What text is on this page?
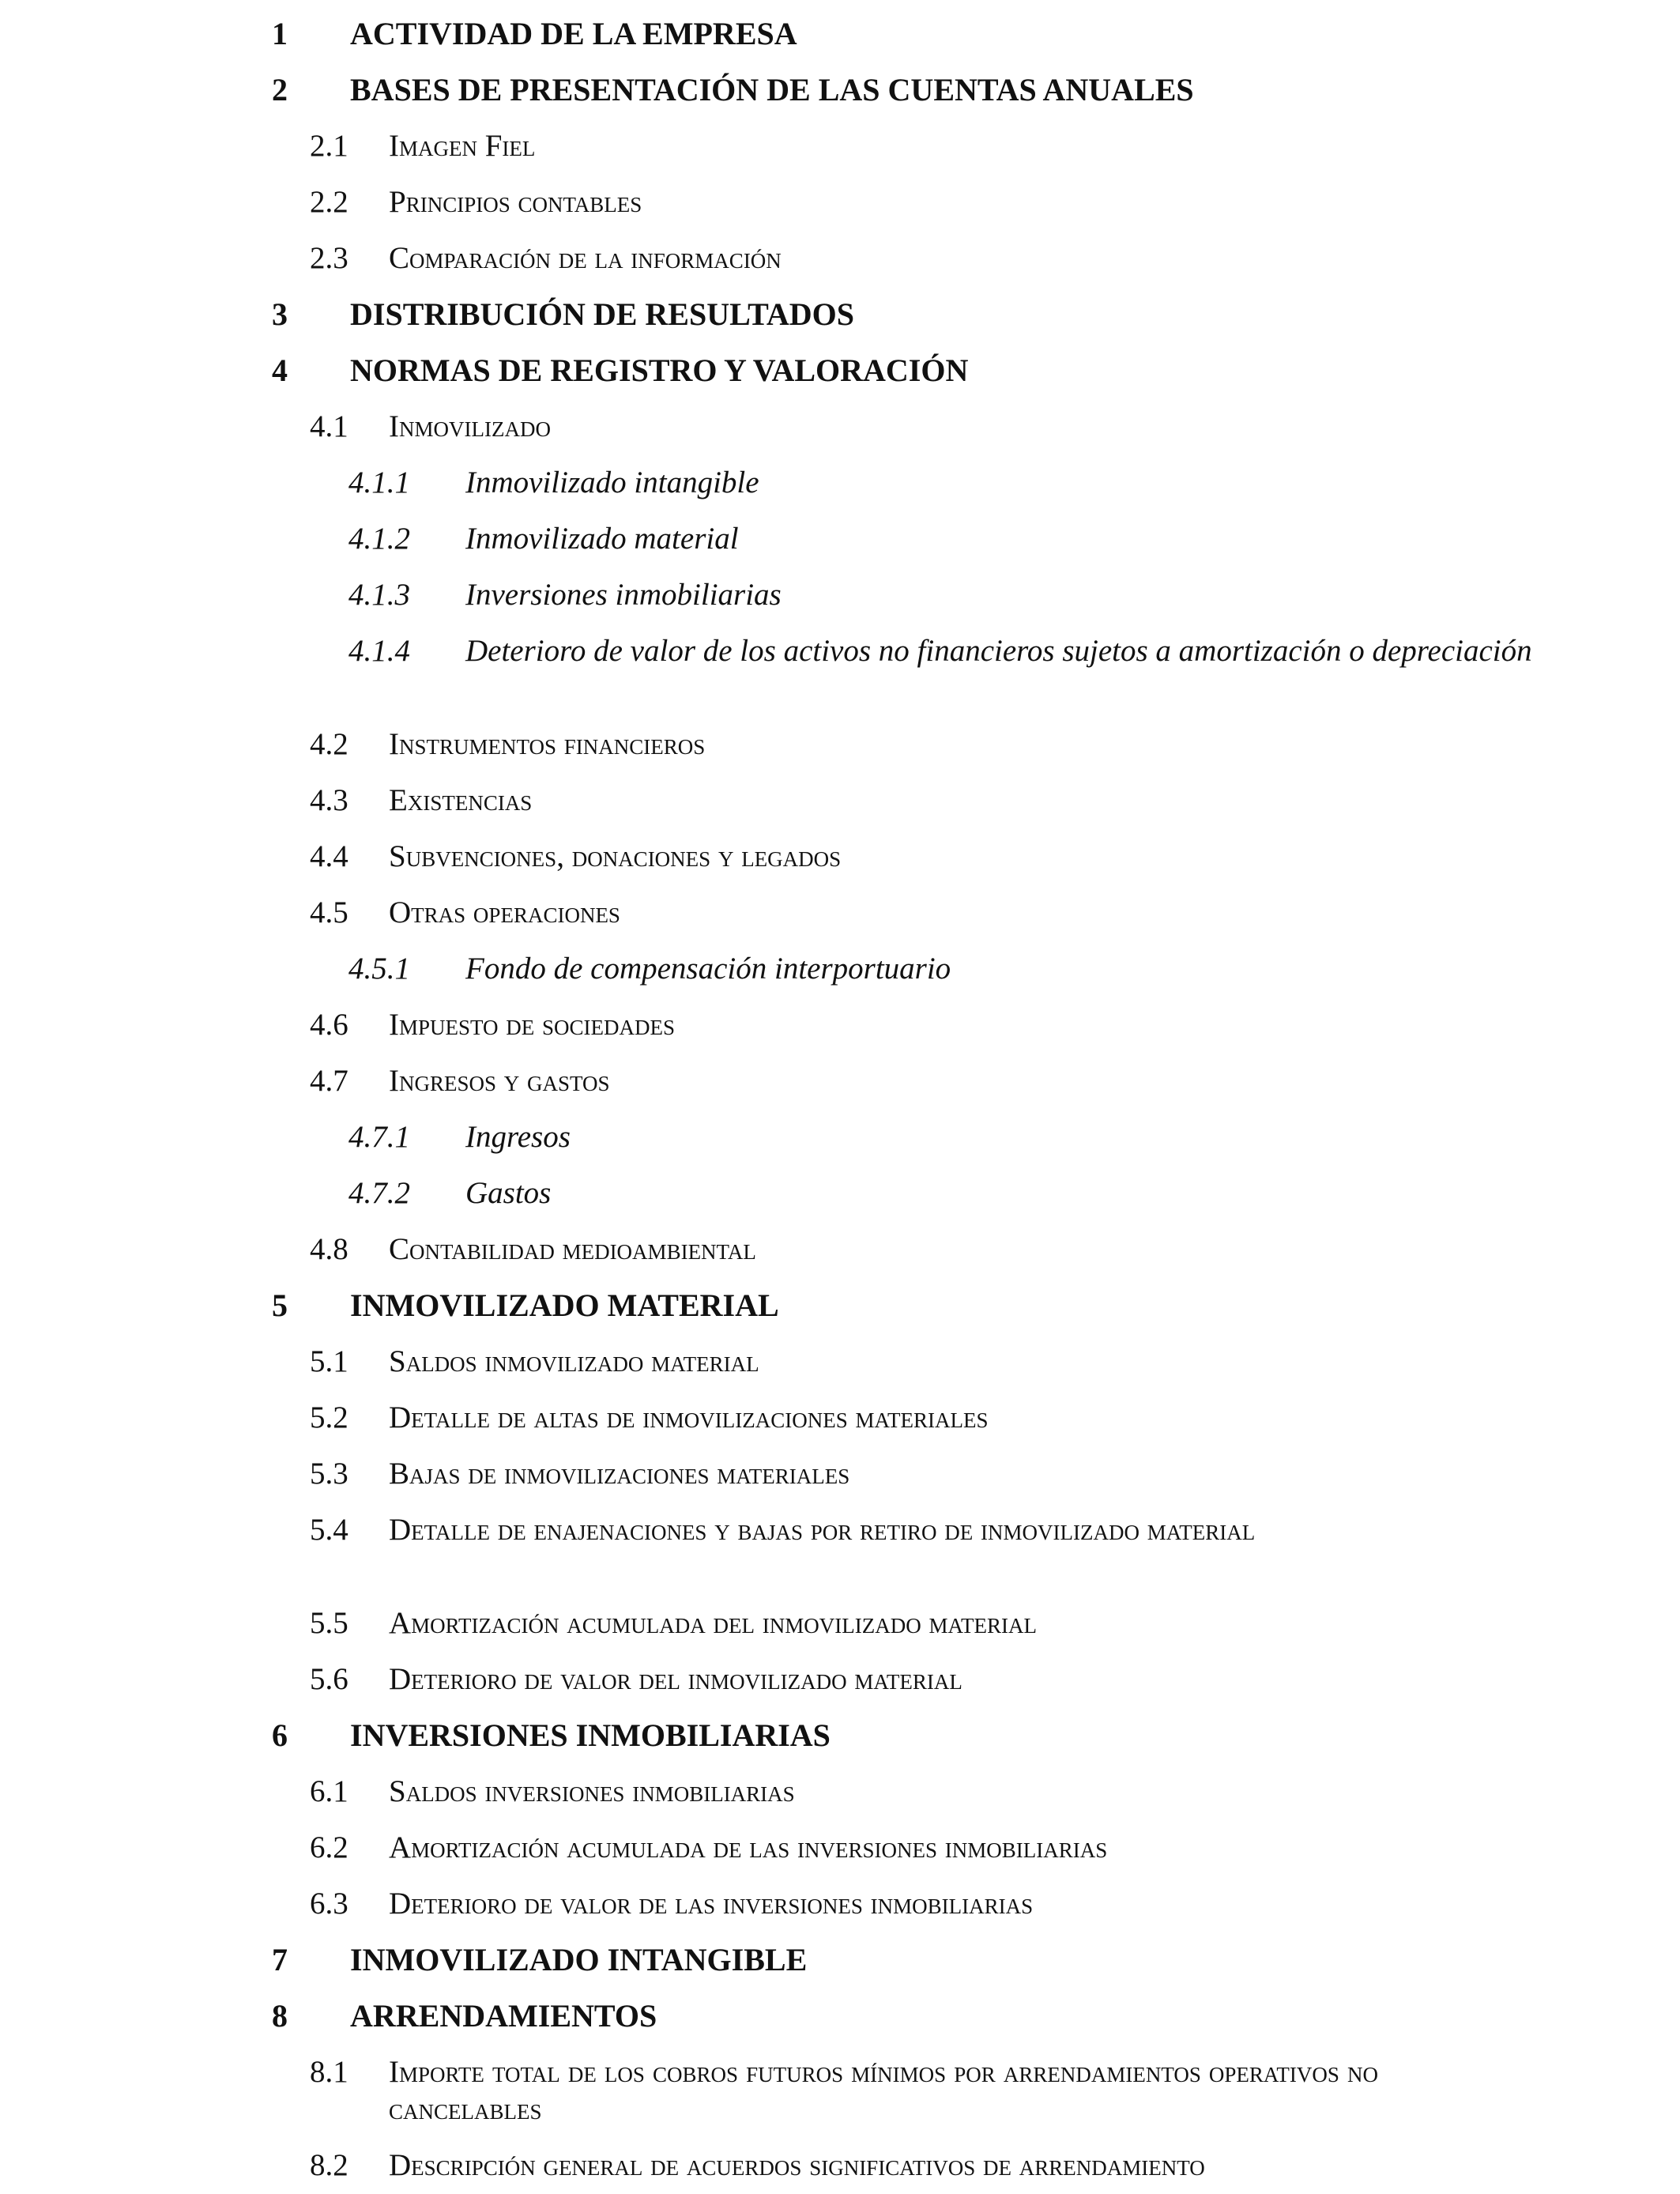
1 ACTIVIDAD DE LA EMPRESA
2 BASES DE PRESENTACIÓN DE LAS CUENTAS ANUALES
2.1 Imagen Fiel
2.2 Principios contables
2.3 Comparación de la información
3 DISTRIBUCIÓN DE RESULTADOS
4 NORMAS DE REGISTRO Y VALORACIÓN
4.1 Inmovilizado
4.1.1 Inmovilizado intangible
4.1.2 Inmovilizado material
4.1.3 Inversiones inmobiliarias
4.1.4 Deterioro de valor de los activos no financieros sujetos a amortización o depreciación
4.2 Instrumentos financieros
4.3 Existencias
4.4 Subvenciones, donaciones y legados
4.5 Otras operaciones
4.5.1 Fondo de compensación interportuario
4.6 Impuesto de sociedades
4.7 Ingresos y gastos
4.7.1 Ingresos
4.7.2 Gastos
4.8 Contabilidad medioambiental
5 INMOVILIZADO MATERIAL
5.1 Saldos inmovilizado material
5.2 Detalle de altas de inmovilizaciones materiales
5.3 Bajas de inmovilizaciones materiales
5.4 Detalle de enajenaciones y bajas por retiro de inmovilizado material
5.5 Amortización acumulada del inmovilizado material
5.6 Deterioro de valor del inmovilizado material
6 INVERSIONES INMOBILIARIAS
6.1 Saldos inversiones inmobiliarias
6.2 Amortización acumulada de las inversiones inmobiliarias
6.3 Deterioro de valor de las inversiones inmobiliarias
7 INMOVILIZADO INTANGIBLE
8 ARRENDAMIENTOS
8.1 Importe total de los cobros futuros mínimos por arrendamientos operativos no cancelables
8.2 Descripción general de acuerdos significativos de arrendamiento
